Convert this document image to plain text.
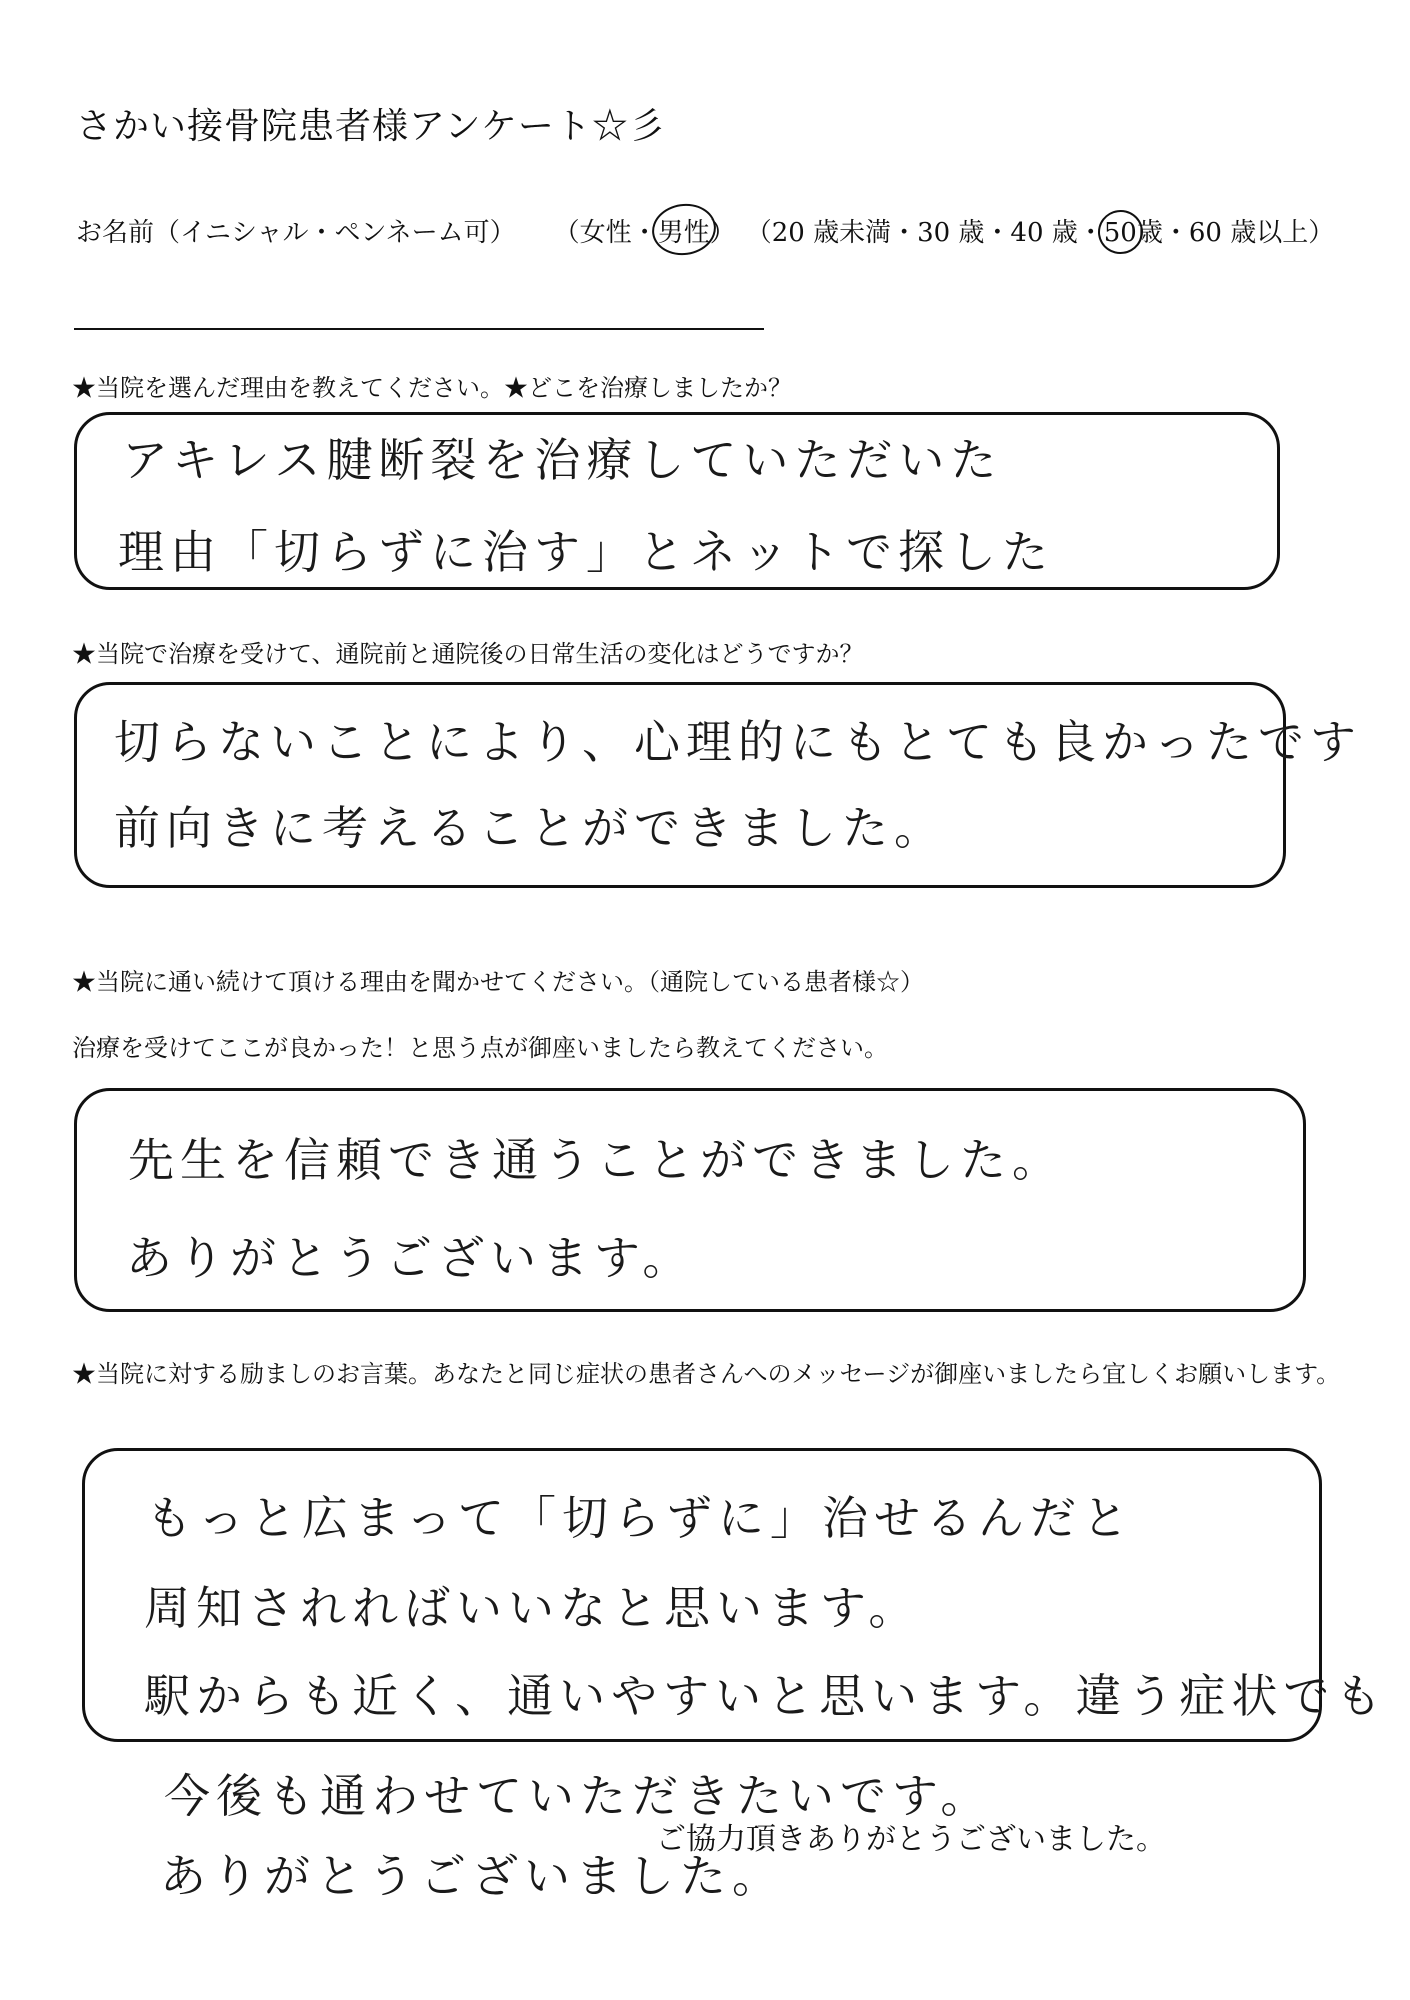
さかい接骨院患者様アンケート☆彡
お名前（イニシャル・ペンネーム可） （女性・男性） （20 歳未満・30 歳・40 歳・50歳・60 歳以上）
★当院を選んだ理由を教えてください。★どこを治療しましたか？
アキレス腱断裂を治療していただいた
理由「切らずに治す」とネットで探した
★当院で治療を受けて、通院前と通院後の日常生活の変化はどうですか？
切らないことにより、心理的にもとても良かったです
前向きに考えることができました。
★当院に通い続けて頂ける理由を聞かせてください。（通院している患者様☆）
治療を受けてここが良かった！と思う点が御座いましたら教えてください。
先生を信頼でき通うことができました。
ありがとうございます。
★当院に対する励ましのお言葉。あなたと同じ症状の患者さんへのメッセージが御座いましたら宜しくお願いします。
もっと広まって「切らずに」治せるんだと
周知されればいいなと思います。
駅からも近く、通いやすいと思います。違う症状でも
今後も通わせていただきたいです。
ありがとうございました。
ご協力頂きありがとうございました。
